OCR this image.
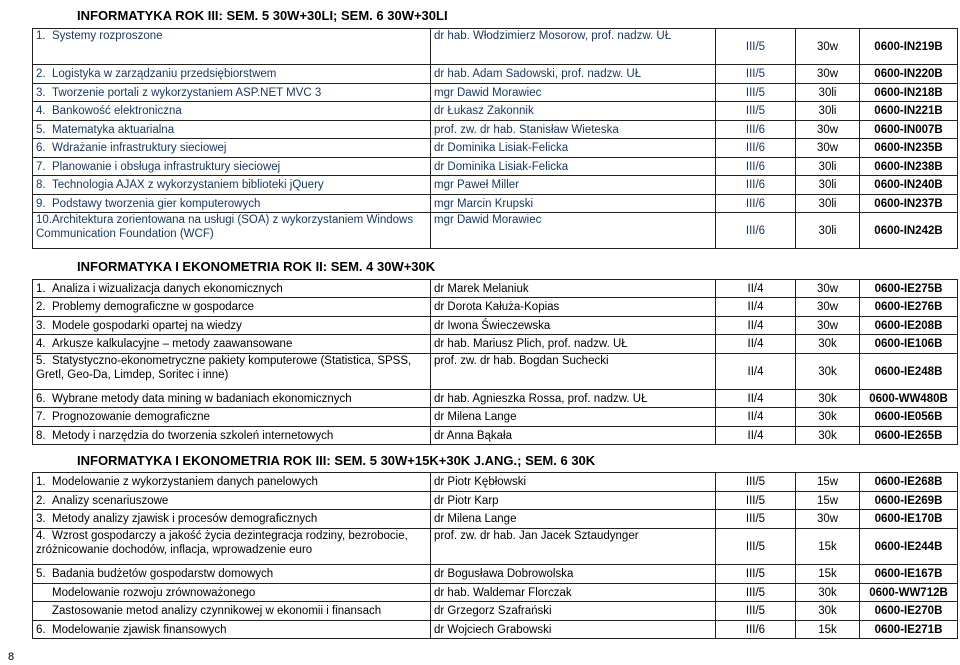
INFORMATYKA ROK III: SEM. 5 30W+30LI; SEM. 6 30W+30LI
1. Systemy rozproszone	dr hab. Włodzimierz Mosorow, prof. nadzw. UŁ	III/5	30w	0600-IN219B
2. Logistyka w zarządzaniu przedsiębiorstwem	dr hab. Adam Sadowski, prof. nadzw. UŁ	III/5	30w	0600-IN220B
3. Tworzenie portali z wykorzystaniem ASP.NET MVC 3	mgr Dawid Morawiec	III/5	30li	0600-IN218B
4. Bankowość elektroniczna	dr Łukasz Zakonnik	III/5	30li	0600-IN221B
5. Matematyka aktuarialna	prof. zw. dr hab. Stanisław Wieteska	III/6	30w	0600-IN007B
6. Wdrażanie infrastruktury sieciowej	dr Dominika Lisiak-Felicka	III/6	30w	0600-IN235B
7. Planowanie i obsługa infrastruktury sieciowej	dr Dominika Lisiak-Felicka	III/6	30li	0600-IN238B
8. Technologia AJAX z wykorzystaniem biblioteki jQuery	mgr Paweł Miller	III/6	30li	0600-IN240B
9. Podstawy tworzenia gier komputerowych	mgr Marcin Krupski	III/6	30li	0600-IN237B
10.Architektura zorientowana na usługi (SOA) z wykorzystaniem Windows Communication Foundation (WCF)	mgr Dawid Morawiec	III/6	30li	0600-IN242B
INFORMATYKA I EKONOMETRIA ROK II: SEM. 4 30W+30K
1. Analiza i wizualizacja danych ekonomicznych	dr Marek Melaniuk	II/4	30w	0600-IE275B
2. Problemy demograficzne w gospodarce	dr Dorota Kałuża-Kopias	II/4	30w	0600-IE276B
3. Modele gospodarki opartej na wiedzy	dr Iwona Świeczewska	II/4	30w	0600-IE208B
4. Arkusze kalkulacyjne – metody zaawansowane	dr hab. Mariusz Plich, prof. nadzw. UŁ	II/4	30k	0600-IE106B
5. Statystyczno-ekonometryczne pakiety komputerowe (Statistica, SPSS, Gretl, Geo-Da, Limdep, Soritec i inne)	prof. zw. dr hab. Bogdan Suchecki	II/4	30k	0600-IE248B
6. Wybrane metody data mining w badaniach ekonomicznych	dr hab. Agnieszka Rossa, prof. nadzw. UŁ	II/4	30k	0600-WW480B
7. Prognozowanie demograficzne	dr Milena Lange	II/4	30k	0600-IE056B
8. Metody i narzędzia do tworzenia szkoleń internetowych	dr Anna Bąkała	II/4	30k	0600-IE265B
INFORMATYKA I EKONOMETRIA ROK III: SEM. 5 30W+15K+30K J.ANG.; SEM. 6 30K
1. Modelowanie z wykorzystaniem danych panelowych	dr Piotr Kębłowski	III/5	15w	0600-IE268B
2. Analizy scenariuszowe	dr Piotr Karp	III/5	15w	0600-IE269B
3. Metody analizy zjawisk i procesów demograficznych	dr Milena Lange	III/5	30w	0600-IE170B
4. Wzrost gospodarczy a jakość życia dezintegracja rodziny, bezrobocie, zróżnicowanie dochodów, inflacja, wprowadzenie euro	prof. zw. dr hab. Jan Jacek Sztaudynger	III/5	15k	0600-IE244B
5. Badania budżetów gospodarstw domowych	dr Bogusława Dobrowolska	III/5	15k	0600-IE167B
Modelowanie rozwoju zrównoważonego	dr hab. Waldemar Florczak	III/5	30k	0600-WW712B
Zastosowanie metod analizy czynnikowej w ekonomii i finansach	dr Grzegorz Szafrański	III/5	30k	0600-IE270B
6. Modelowanie zjawisk finansowych	dr Wojciech Grabowski	III/6	15k	0600-IE271B
8
